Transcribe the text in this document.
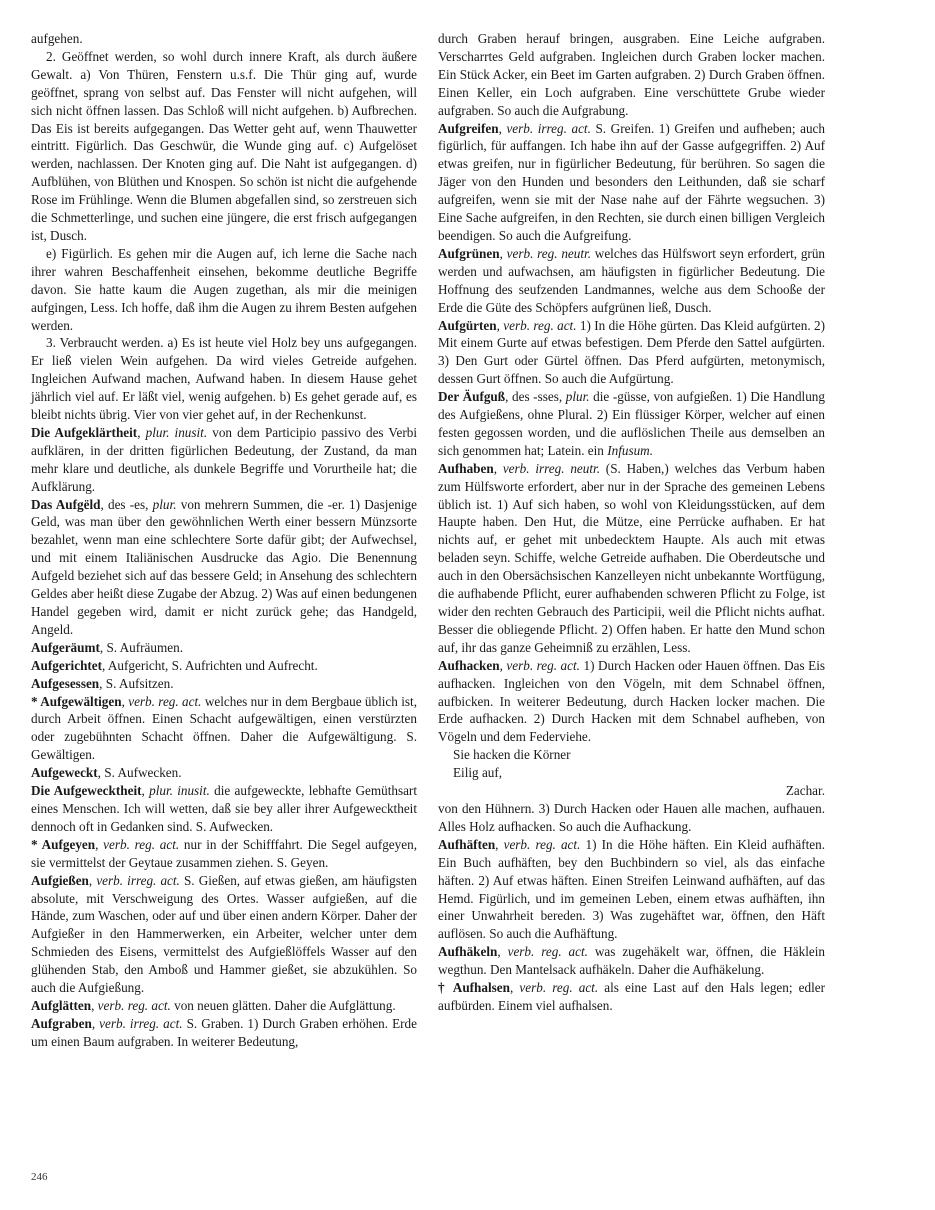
aufgehen.

2. Geöffnet werden, so wohl durch innere Kraft, als durch äußere Gewalt. a) Von Thüren, Fenstern u.s.f. Die Thür ging auf, wurde geöffnet, sprang von selbst auf. Das Fenster will nicht aufgehen, will sich nicht öffnen lassen. Das Schloß will nicht aufgehen. b) Aufbrechen. Das Eis ist bereits aufgegangen. Das Wetter geht auf, wenn Thauwetter eintritt. Figürlich. Das Geschwür, die Wunde ging auf. c) Aufgelöset werden, nachlassen. Der Knoten ging auf. Die Naht ist aufgegangen. d) Aufblühen, von Blüthen und Knospen. So schön ist nicht die aufgehende Rose im Frühlinge. Wenn die Blumen abgefallen sind, so zerstreuen sich die Schmetterlinge, und suchen eine jüngere, die erst frisch aufgegangen ist, Dusch.

e) Figürlich. Es gehen mir die Augen auf, ich lerne die Sache nach ihrer wahren Beschaffenheit einsehen, bekomme deutliche Begriffe davon. Sie hatte kaum die Augen zugethan, als mir die meinigen aufgingen, Less. Ich hoffe, daß ihm die Augen zu ihrem Besten aufgehen werden.

3. Verbraucht werden. a) Es ist heute viel Holz bey uns aufgegangen. Er ließ vielen Wein aufgehen. Da wird vieles Getreide aufgehen. Ingleichen Aufwand machen, Aufwand haben. In diesem Hause gehet jährlich viel auf. Er läßt viel, wenig aufgehen. b) Es gehet gerade auf, es bleibt nichts übrig. Vier von vier gehet auf, in der Rechenkunst.

Die Aufgeklärtheit, plur. inusit. von dem Participio passivo des Verbi aufklären, in der dritten figürlichen Bedeutung, der Zustand, da man mehr klare und deutliche, als dunkele Begriffe und Vorurtheile hat; die Aufklärung.

Das Aufgëld, des -es, plur. von mehrern Summen, die -er. 1) Dasjenige Geld, was man über den gewöhnlichen Werth einer bessern Münzsorte bezahlet, wenn man eine schlechtere Sorte dafür gibt; der Aufwechsel, und mit einem Italiänischen Ausdrucke das Agio. Die Benennung Aufgeld beziehet sich auf das bessere Geld; in Ansehung des schlechtern Geldes aber heißt diese Zugabe der Abzug. 2) Was auf einen bedungenen Handel gegeben wird, damit er nicht zurück gehe; das Handgeld, Angeld.

Aufgeräumt, S. Aufräumen.

Aufgerichtet, Aufgericht, S. Aufrichten und Aufrecht.

Aufgesessen, S. Aufsitzen.

* Aufgewältigen, verb. reg. act. welches nur in dem Bergbaue üblich ist, durch Arbeit öffnen. Einen Schacht aufgewältigen, einen verstürzten oder zugebühnten Schacht öffnen. Daher die Aufgewältigung. S. Gewältigen.

Aufgeweckt, S. Aufwecken.

Die Aufgewecktheit, plur. inusit. die aufgeweckte, lebhafte Gemüthsart eines Menschen. Ich will wetten, daß sie bey aller ihrer Aufgewecktheit dennoch oft in Gedanken sind. S. Aufwecken.

* Aufgeyen, verb. reg. act. nur in der Schifffahrt. Die Segel aufgeyen, sie vermittelst der Geytaue zusammen ziehen. S. Geyen.

Aufgießen, verb. irreg. act. S. Gießen, auf etwas gießen, am häufigsten absolute, mit Verschweigung des Ortes. Wasser aufgießen, auf die Hände, zum Waschen, oder auf und über einen andern Körper. Daher der Aufgießer in den Hammerwerken, ein Arbeiter, welcher unter dem Schmieden des Eisens, vermittelst des Aufgießlöffels Wasser auf den glühenden Stab, den Amboß und Hammer gießet, sie abzukühlen. So auch die Aufgießung.

Aufglätten, verb. reg. act. von neuen glätten. Daher die Aufglättung.

Aufgraben, verb. irreg. act. S. Graben. 1) Durch Graben erhöhen. Erde um einen Baum aufgraben. In weiterer Bedeutung,

durch Graben herauf bringen, ausgraben. Eine Leiche aufgraben. Verscharrtes Geld aufgraben. Ingleichen durch Graben locker machen. Ein Stück Acker, ein Beet im Garten aufgraben. 2) Durch Graben öffnen. Einen Keller, ein Loch aufgraben. Eine verschüttete Grube wieder aufgraben. So auch die Aufgrabung.

Aufgreifen, verb. irreg. act. S. Greifen. 1) Greifen und aufheben; auch figürlich, für auffangen. Ich habe ihn auf der Gasse aufgegriffen. 2) Auf etwas greifen, nur in figürlicher Bedeutung, für berühren. So sagen die Jäger von den Hunden und besonders den Leithunden, daß sie scharf aufgreifen, wenn sie mit der Nase nahe auf der Fährte wegsuchen. 3) Eine Sache aufgreifen, in den Rechten, sie durch einen billigen Vergleich beendigen. So auch die Aufgreifung.

Aufgrünen, verb. reg. neutr. welches das Hülfswort seyn erfordert, grün werden und aufwachsen, am häufigsten in figürlicher Bedeutung. Die Hoffnung des seufzenden Landmannes, welche aus dem Schooße der Erde die Güte des Schöpfers aufgrünen ließ, Dusch.

Aufgürten, verb. reg. act. 1) In die Höhe gürten. Das Kleid aufgürten. 2) Mit einem Gurte auf etwas befestigen. Dem Pferde den Sattel aufgürten. 3) Den Gurt oder Gürtel öffnen. Das Pferd aufgürten, metonymisch, dessen Gurt öffnen. So auch die Aufgürtung.

Der Äufguß, des -sses, plur. die -güsse, von aufgießen. 1) Die Handlung des Aufgießens, ohne Plural. 2) Ein flüssiger Körper, welcher auf einen festen gegossen worden, und die auflöslichen Theile aus demselben an sich genommen hat; Latein. ein Infusum.

Aufhaben, verb. irreg. neutr. (S. Haben,) welches das Verbum haben zum Hülfsworte erfordert, aber nur in der Sprache des gemeinen Lebens üblich ist. 1) Auf sich haben, so wohl von Kleidungsstücken, auf dem Haupte haben. Den Hut, die Mütze, eine Perrücke aufhaben. Er hat nichts auf, er gehet mit unbedecktem Haupte. Als auch mit etwas beladen seyn. Schiffe, welche Getreide aufhaben. Die Oberdeutsche und auch in den Obersächsischen Kanzelleyen nicht unbekannte Wortfügung, die aufhabende Pflicht, eurer aufhabenden schweren Pflicht zu Folge, ist wider den rechten Gebrauch des Participii, weil die Pflicht nichts aufhat. Besser die obliegende Pflicht. 2) Offen haben. Er hatte den Mund schon auf, ihr das ganze Geheimniß zu erzählen, Less.

Aufhacken, verb. reg. act. 1) Durch Hacken oder Hauen öffnen. Das Eis aufhacken. Ingleichen von den Vögeln, mit dem Schnabel öffnen, aufbicken. In weiterer Bedeutung, durch Hacken locker machen. Die Erde aufhacken. 2) Durch Hacken mit dem Schnabel aufheben, von Vögeln und dem Federviehe.

Sie hacken die Körner

Eilig auf,

Zachar.

von den Hühnern. 3) Durch Hacken oder Hauen alle machen, aufhauen. Alles Holz aufhacken. So auch die Aufhackung.

Aufhäften, verb. reg. act. 1) In die Höhe häften. Ein Kleid aufhäften. Ein Buch aufhäften, bey den Buchbindern so viel, als das einfache häften. 2) Auf etwas häften. Einen Streifen Leinwand aufhäften, auf das Hemd. Figürlich, und im gemeinen Leben, einem etwas aufhäften, ihn einer Unwahrheit bereden. 3) Was zugehäftet war, öffnen, den Häft auflösen. So auch die Aufhäftung.

Aufhäkeln, verb. reg. act. was zugehäkelt war, öffnen, die Häklein wegthun. Den Mantelsack aufhäkeln. Daher die Aufhäkelung.

† Aufhalsen, verb. reg. act. als eine Last auf den Hals legen; edler aufbürden. Einem viel aufhalsen.

246
